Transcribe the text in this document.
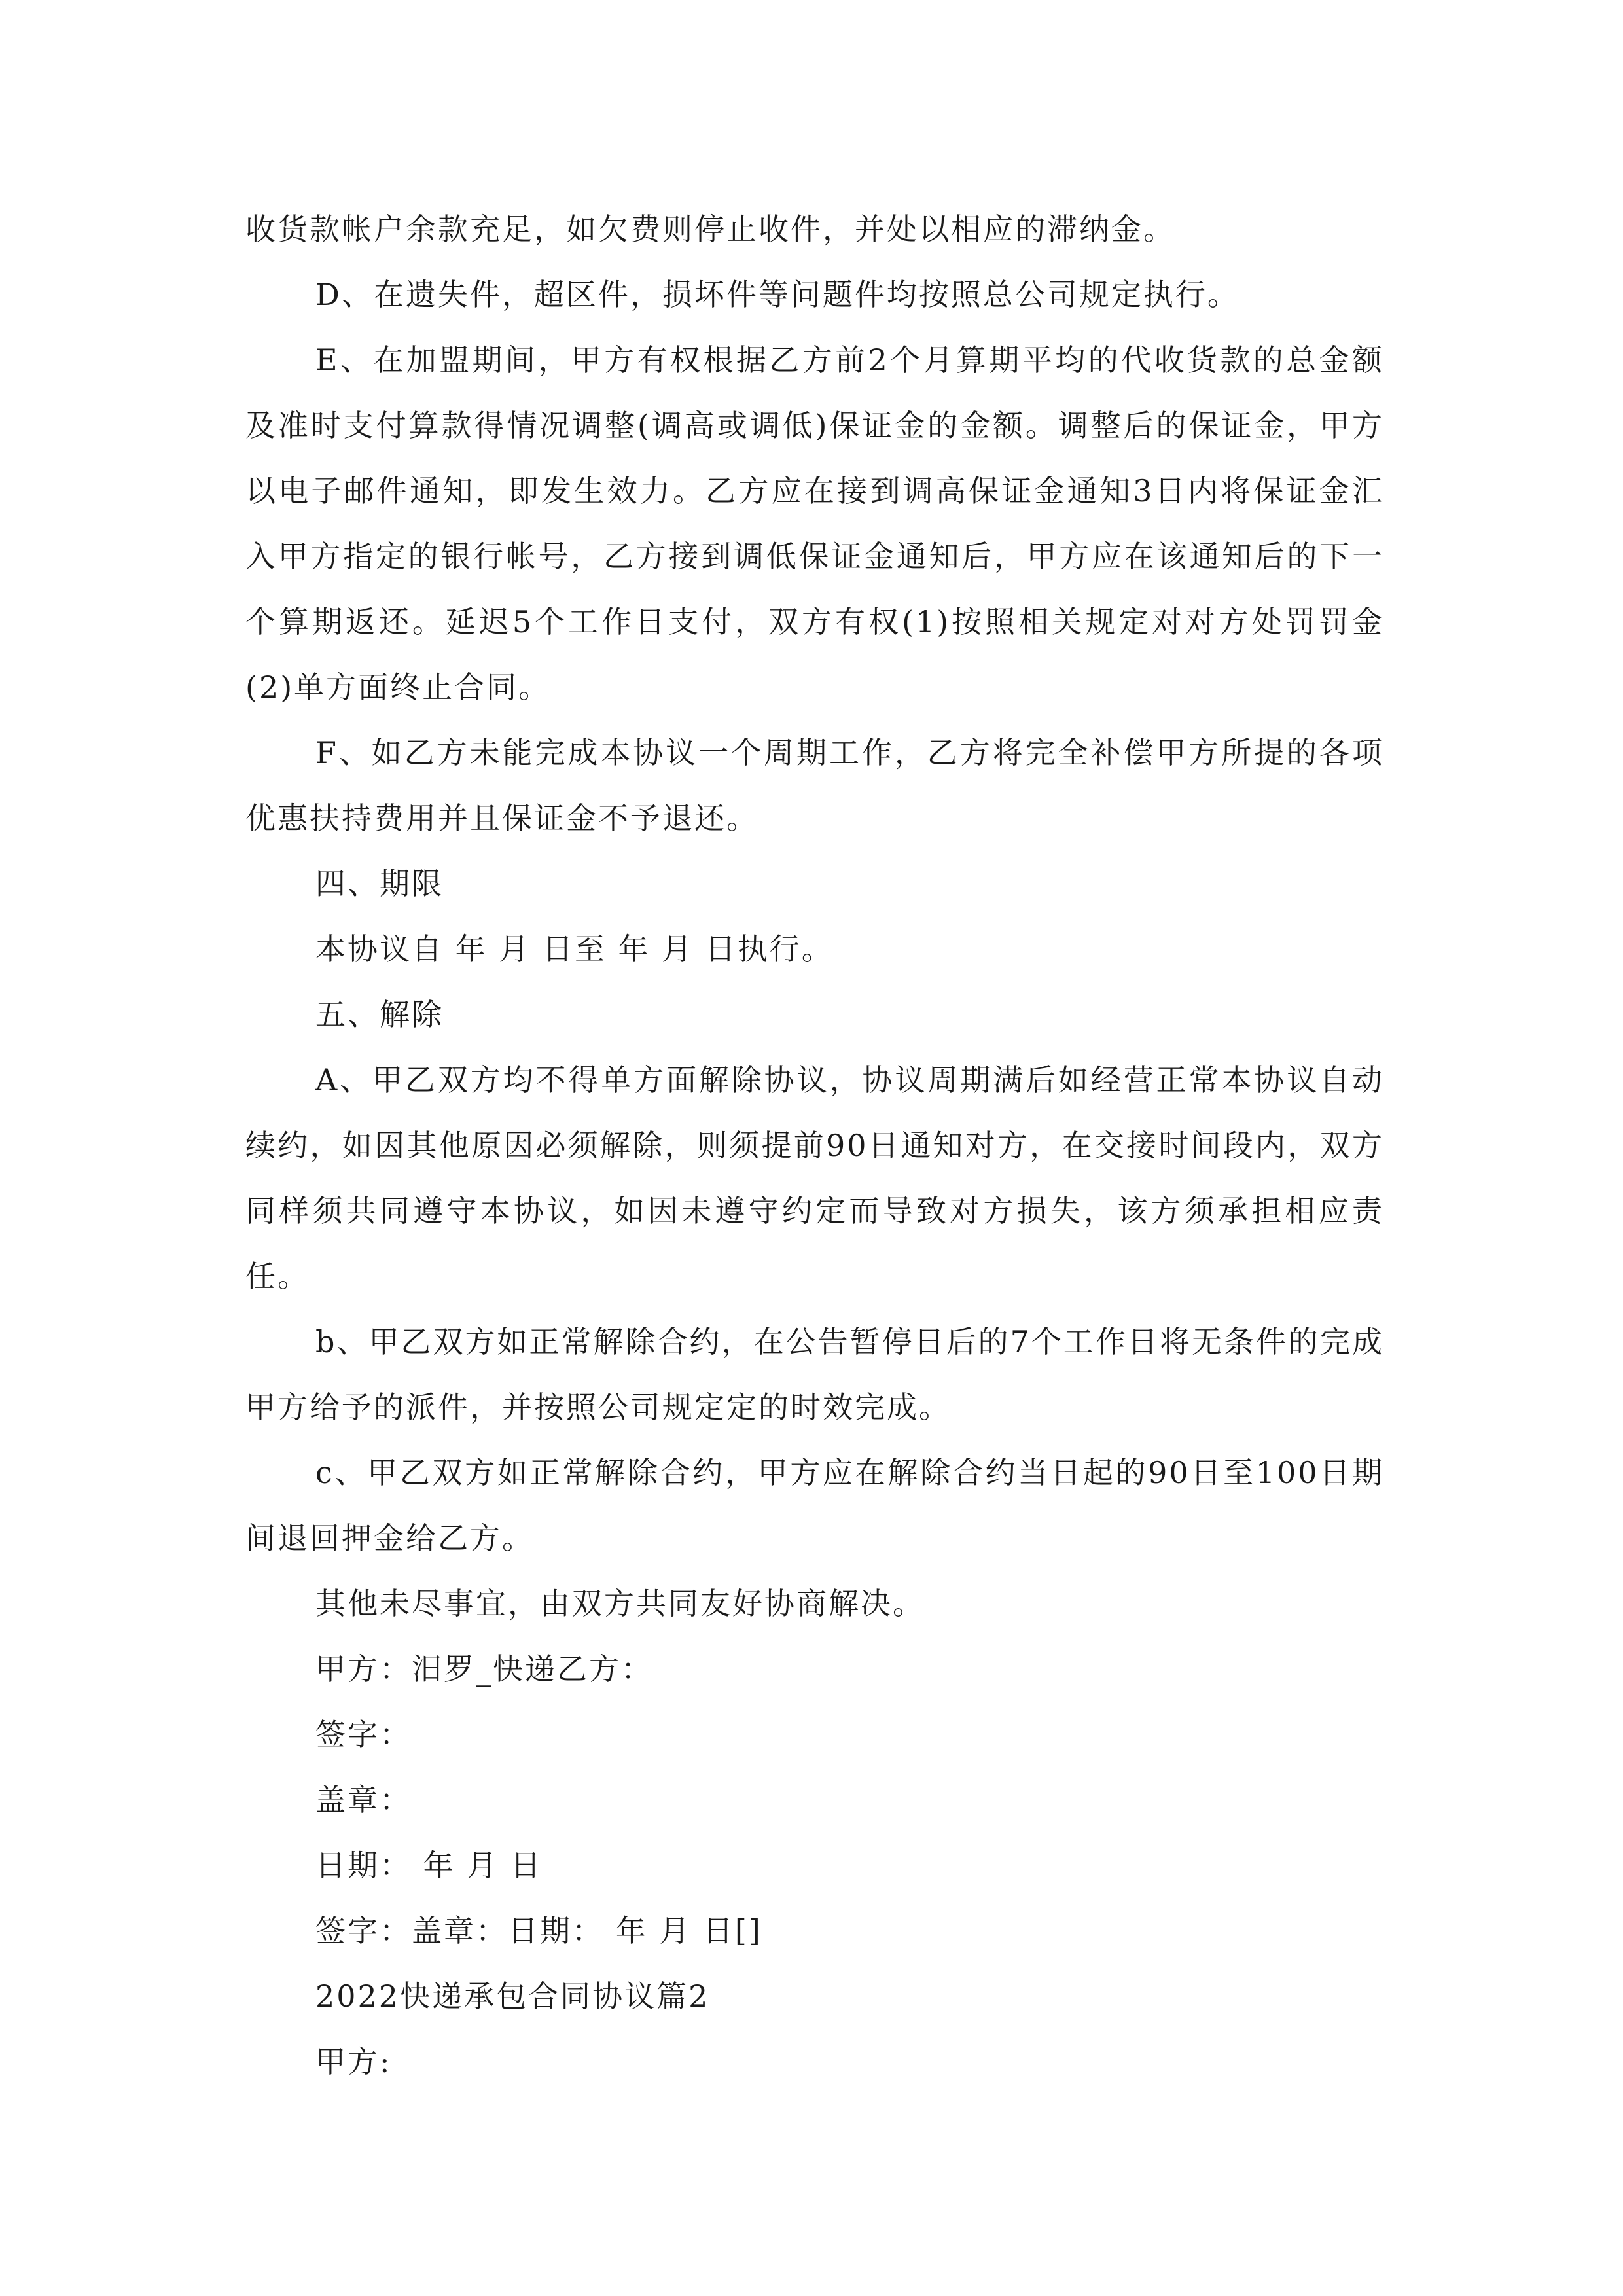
收货款帐户余款充足，如欠费则停止收件，并处以相应的滞纳金。

D、在遗失件，超区件，损坏件等问题件均按照总公司规定执行。

E、在加盟期间，甲方有权根据乙方前2个月算期平均的代收货款的总金额及准时支付算款得情况调整(调高或调低)保证金的金额。调整后的保证金，甲方以电子邮件通知，即发生效力。乙方应在接到调高保证金通知3日内将保证金汇入甲方指定的银行帐号，乙方接到调低保证金通知后，甲方应在该通知后的下一个算期返还。延迟5个工作日支付，双方有权(1)按照相关规定对对方处罚罚金(2)单方面终止合同。

F、如乙方未能完成本协议一个周期工作，乙方将完全补偿甲方所提的各项优惠扶持费用并且保证金不予退还。

四、期限

本协议自 年 月 日至 年 月 日执行。

五、解除

A、甲乙双方均不得单方面解除协议，协议周期满后如经营正常本协议自动续约，如因其他原因必须解除，则须提前90日通知对方，在交接时间段内，双方同样须共同遵守本协议，如因未遵守约定而导致对方损失，该方须承担相应责任。

b、甲乙双方如正常解除合约，在公告暂停日后的7个工作日将无条件的完成甲方给予的派件，并按照公司规定定的时效完成。

c、甲乙双方如正常解除合约，甲方应在解除合约当日起的90日至100日期间退回押金给乙方。

其他未尽事宜，由双方共同友好协商解决。

甲方：汨罗_快递乙方：

签字：

盖章：

日期： 年 月 日

签字：盖章：日期： 年 月 日[]

2022快递承包合同协议篇2

甲方:
